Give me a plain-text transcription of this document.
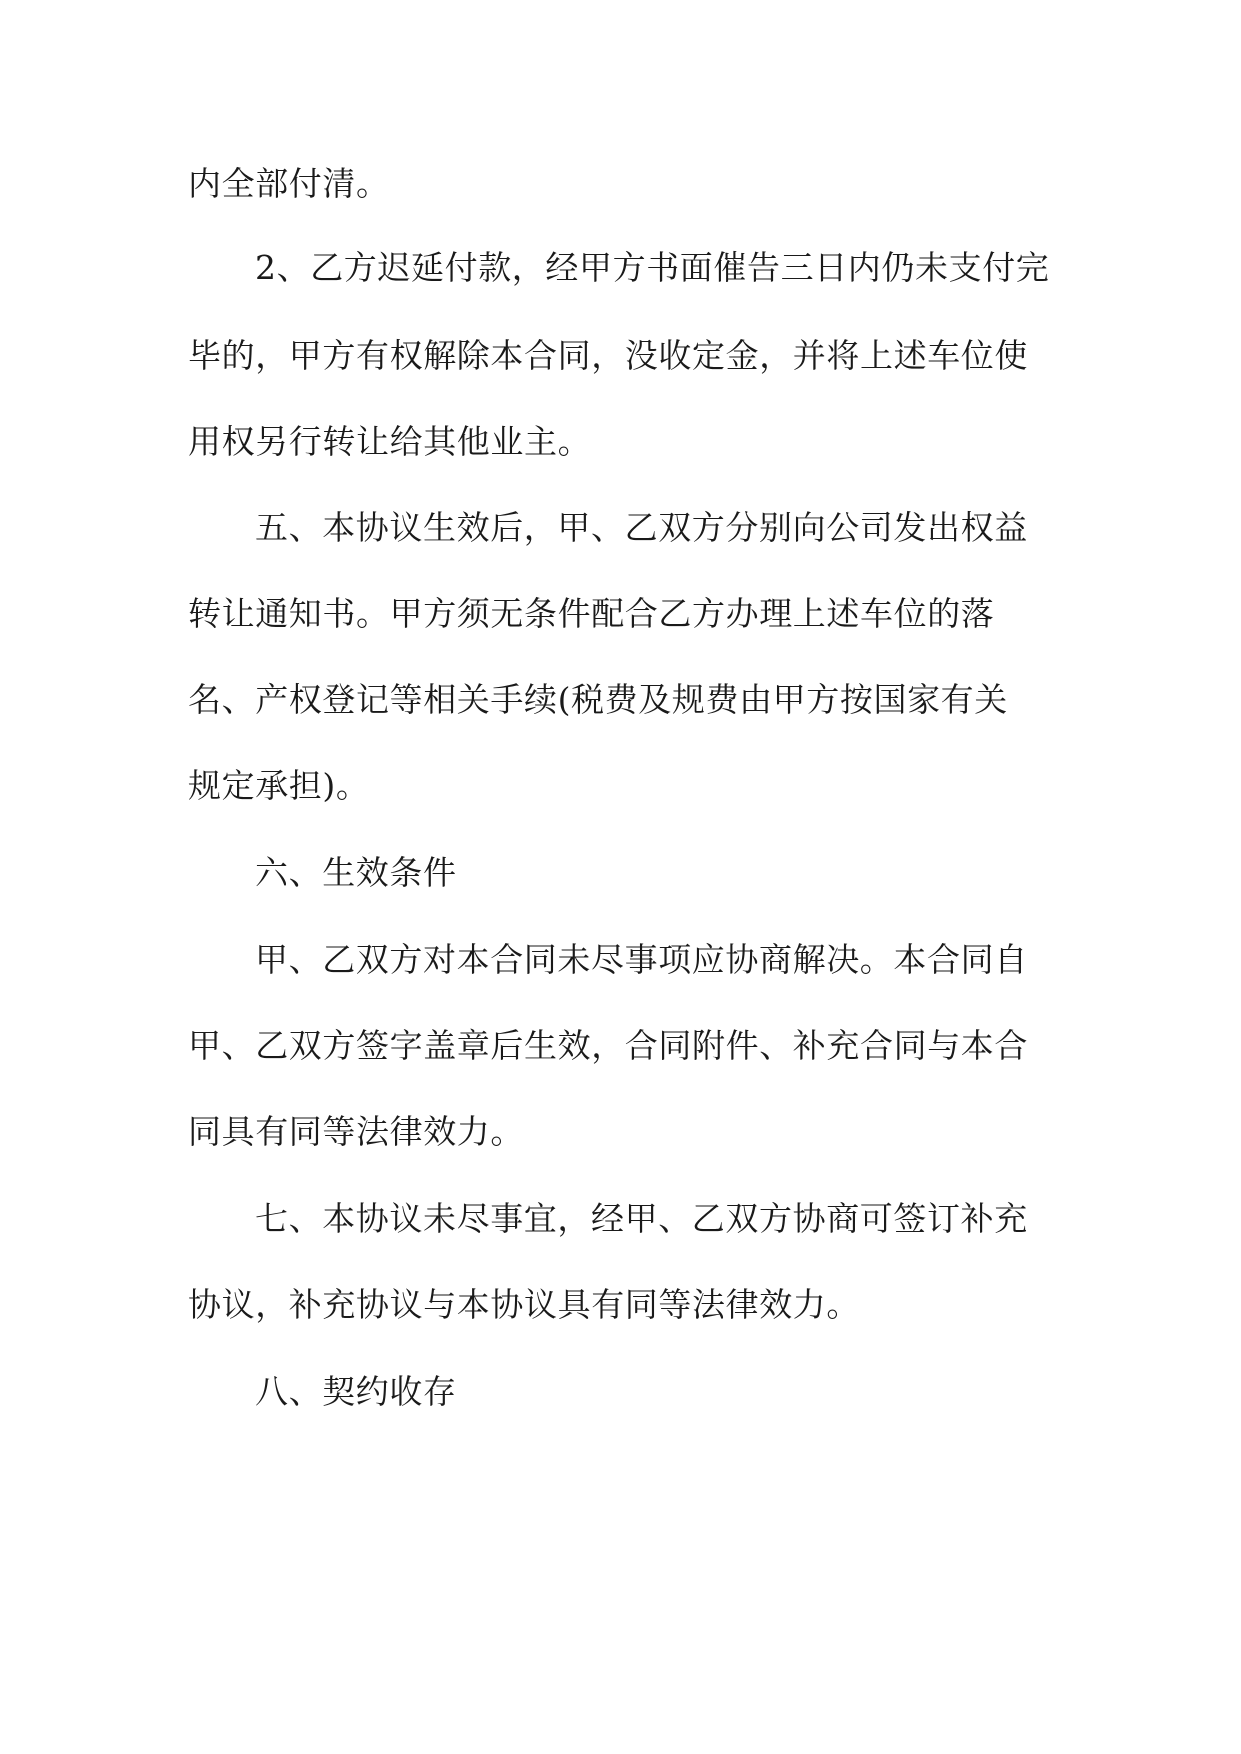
内全部付清。
2、乙方迟延付款，经甲方书面催告三日内仍未支付完
毕的，甲方有权解除本合同，没收定金，并将上述车位使
用权另行转让给其他业主。
五、本协议生效后，甲、乙双方分别向公司发出权益
转让通知书。甲方须无条件配合乙方办理上述车位的落
名、产权登记等相关手续(税费及规费由甲方按国家有关
规定承担)。
六、生效条件
甲、乙双方对本合同未尽事项应协商解决。本合同自
甲、乙双方签字盖章后生效，合同附件、补充合同与本合
同具有同等法律效力。
七、本协议未尽事宜，经甲、乙双方协商可签订补充
协议，补充协议与本协议具有同等法律效力。
八、契约收存
